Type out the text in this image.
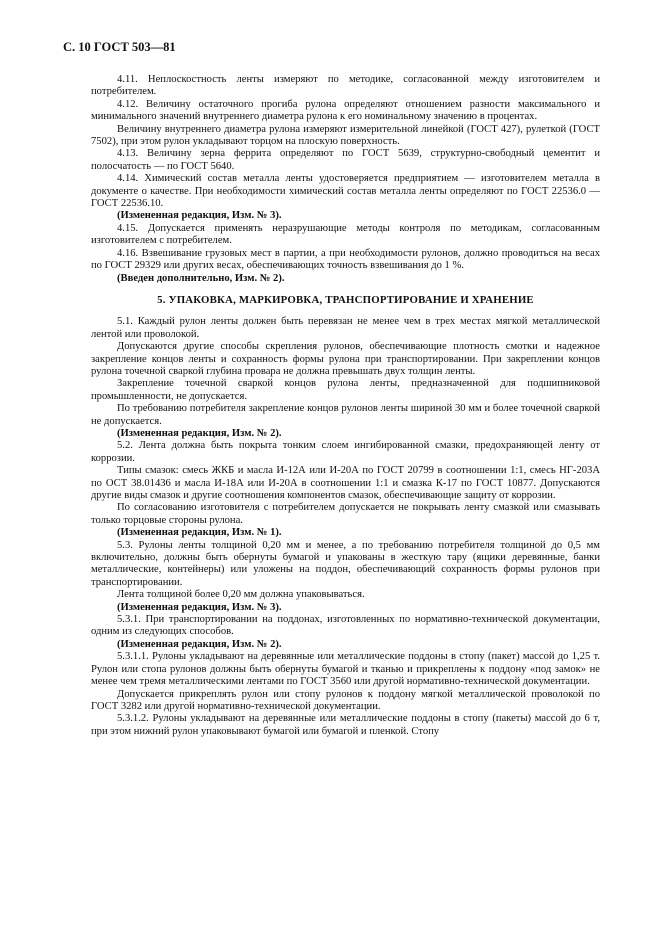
С. 10 ГОСТ 503—81

4.11. Неплоскостность ленты измеряют по методике, согласованной между изготовителем и потребителем.

4.12. Величину остаточного прогиба рулона определяют отношением разности максимального и минимального значений внутреннего диаметра рулона к его номинальному значению в процентах.

Величину внутреннего диаметра рулона измеряют измерительной линейкой (ГОСТ 427), рулеткой (ГОСТ 7502), при этом рулон укладывают торцом на плоскую поверхность.

4.13. Величину зерна феррита определяют по ГОСТ 5639, структурно-свободный цементит и полосчатость — по ГОСТ 5640.

4.14. Химический состав металла ленты удостоверяется предприятием — изготовителем металла в документе о качестве. При необходимости химический состав металла ленты определяют по ГОСТ 22536.0 — ГОСТ 22536.10.

(Измененная редакция, Изм. № 3).

4.15. Допускается применять неразрушающие методы контроля по методикам, согласованным изготовителем с потребителем.

4.16. Взвешивание грузовых мест в партии, а при необходимости рулонов, должно проводиться на весах по ГОСТ 29329 или других весах, обеспечивающих точность взвешивания до 1 %.

(Введен дополнительно, Изм. № 2).

5. УПАКОВКА, МАРКИРОВКА, ТРАНСПОРТИРОВАНИЕ И ХРАНЕНИЕ

5.1. Каждый рулон ленты должен быть перевязан не менее чем в трех местах мягкой металлической лентой или проволокой.

Допускаются другие способы скрепления рулонов, обеспечивающие плотность смотки и надежное закрепление концов ленты и сохранность формы рулона при транспортировании. При закреплении концов рулона точечной сваркой глубина провара не должна превышать двух толщин ленты.

Закрепление точечной сваркой концов рулона ленты, предназначенной для подшипниковой промышленности, не допускается.

По требованию потребителя закрепление концов рулонов ленты шириной 30 мм и более точечной сваркой не допускается.

(Измененная редакция, Изм. № 2).

5.2. Лента должна быть покрыта тонким слоем ингибированной смазки, предохраняющей ленту от коррозии.

Типы смазок: смесь ЖКБ и масла И-12А или И-20А по ГОСТ 20799 в соотношении 1:1, смесь НГ-203А по ОСТ 38.01436 и масла И-18А или И-20А в соотношении 1:1 и смазка К-17 по ГОСТ 10877. Допускаются другие виды смазок и другие соотношения компонентов смазок, обеспечивающие защиту от коррозии.

По согласованию изготовителя с потребителем допускается не покрывать ленту смазкой или смазывать только торцовые стороны рулона.

(Измененная редакция, Изм. № 1).

5.3. Рулоны ленты толщиной 0,20 мм и менее, а по требованию потребителя толщиной до 0,5 мм включительно, должны быть обернуты бумагой и упакованы в жесткую тару (ящики деревянные, банки металлические, контейнеры) или уложены на поддон, обеспечивающий сохранность формы рулонов при транспортировании.

Лента толщиной более 0,20 мм должна упаковываться.

(Измененная редакция, Изм. № 3).

5.3.1. При транспортировании на поддонах, изготовленных по нормативно-технической документации, одним из следующих способов.

(Измененная редакция, Изм. № 2).

5.3.1.1. Рулоны укладывают на деревянные или металлические поддоны в стопу (пакет) массой до 1,25 т. Рулон или стопа рулонов должны быть обернуты бумагой и тканью и прикреплены к поддону «под замок» не менее чем тремя металлическими лентами по ГОСТ 3560 или другой нормативно-технической документации.

Допускается прикреплять рулон или стопу рулонов к поддону мягкой металлической проволокой по ГОСТ 3282 или другой нормативно-технической документации.

5.3.1.2. Рулоны укладывают на деревянные или металлические поддоны в стопу (пакеты) массой до 6 т, при этом нижний рулон упаковывают бумагой или бумагой и пленкой. Стопу
